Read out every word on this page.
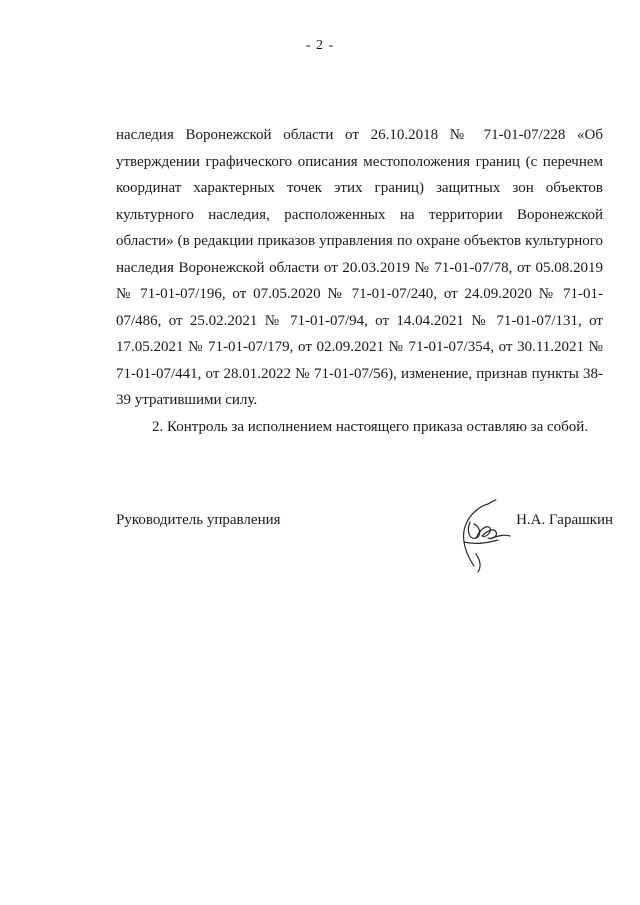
- 2 -

наследия Воронежской области от 26.10.2018 № 71-01-07/228 «Об утверждении графического описания местоположения границ (с перечнем координат характерных точек этих границ) защитных зон объектов культурного наследия, расположенных на территории Воронежской области» (в редакции приказов управления по охране объектов культурного наследия Воронежской области от 20.03.2019 № 71-01-07/78, от 05.08.2019 № 71-01-07/196, от 07.05.2020 № 71-01-07/240, от 24.09.2020 № 71-01-07/486, от 25.02.2021 № 71-01-07/94, от 14.04.2021 № 71-01-07/131, от 17.05.2021 № 71-01-07/179, от 02.09.2021 № 71-01-07/354, от 30.11.2021 № 71-01-07/441, от 28.01.2022 № 71-01-07/56), изменение, признав пункты 38-39 утратившими силу.

2. Контроль за исполнением настоящего приказа оставляю за собой.

Руководитель управления	Н.А. Гарашкин
